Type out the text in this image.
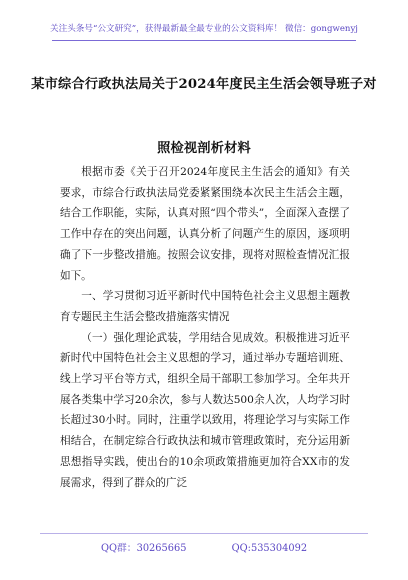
关注头条号“公文研究”，获得最新最全最专业的公文资料库！ 微信：gongwenyj
某市综合行政执法局关于2024年度民主生活会领导班子对
照检视剖析材料

根据市委《关于召开2024年度民主生活会的通知》有关要求，市综合行政执法局党委紧紧围绕本次民主生活会主题，结合工作职能，实际，认真对照“四个带头”，全面深入查摆了工作中存在的突出问题，认真分析了问题产生的原因，逐项明确了下一步整改措施。按照会议安排，现将对照检查情况汇报如下。

一、学习贯彻习近平新时代中国特色社会主义思想主题教育专题民主生活会整改措施落实情况

（一）强化理论武装，学用结合见成效。积极推进习近平新时代中国特色社会主义思想的学习，通过举办专题培训班、线上学习平台等方式，组织全局干部职工参加学习。全年共开展各类集中学习20余次，参与人数达500余人次，人均学习时长超过30小时。同时，注重学以致用，将理论学习与实际工作相结合，在制定综合行政执法和城市管理政策时，充分运用新思想指导实践，使出台的10余项政策措施更加符合XX市的发展需求，得到了群众的广泛

QQ群：30265665	QQ:535304092
